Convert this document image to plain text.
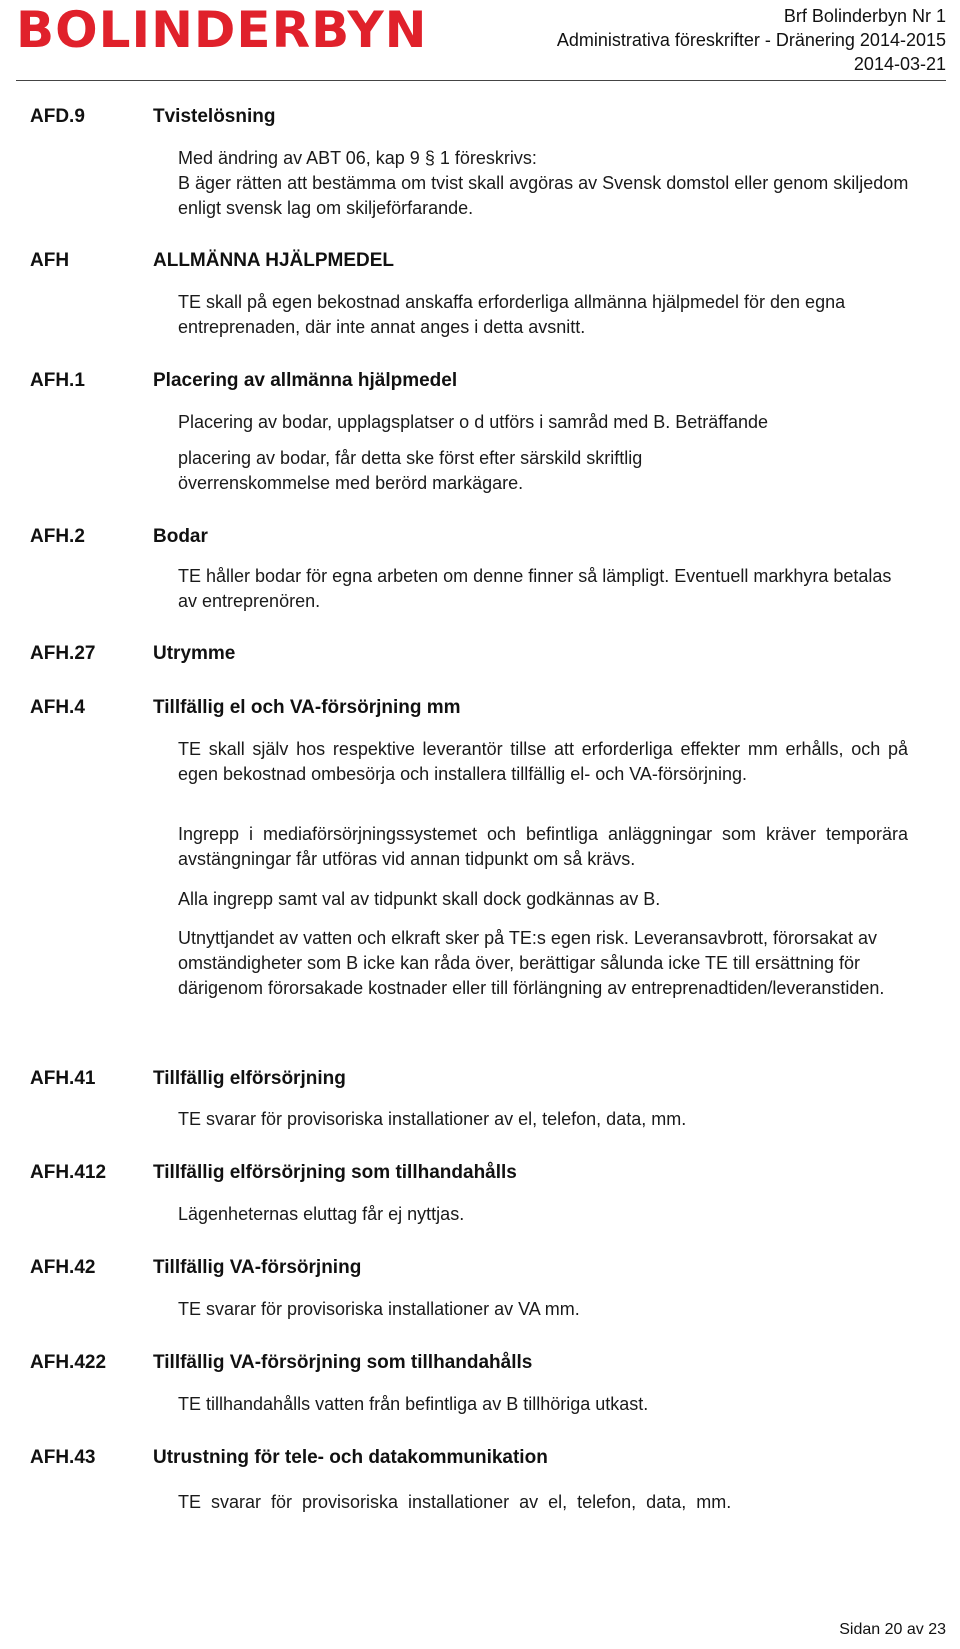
BOLINDERBYN	Brf Bolinderbyn Nr 1
Administrativa föreskrifter - Dränering 2014-2015
2014-03-21
AFD.9	Tvistelösning
Med ändring av ABT 06, kap 9 § 1 föreskrivs:
B äger rätten att bestämma om tvist skall avgöras av Svensk domstol eller genom skiljedom enligt svensk lag om skiljeförfarande.
AFH	ALLMÄNNA HJÄLPMEDEL
TE skall på egen bekostnad anskaffa erforderliga allmänna hjälpmedel för den egna entreprenaden, där inte annat anges i detta avsnitt.
AFH.1	Placering av allmänna hjälpmedel
Placering av bodar, upplagsplatser o d utförs i samråd med B. Beträffande
placering av bodar, får detta ske först efter särskild skriftlig överrenskommelse med berörd markägare.
AFH.2	Bodar
TE håller bodar för egna arbeten om denne finner så lämpligt. Eventuell markhyra betalas av entreprenören.
AFH.27	Utrymme
AFH.4	Tillfällig el och VA-försörjning mm
TE skall själv hos respektive leverantör tillse att erforderliga effekter mm erhålls, och på egen bekostnad ombesörja och installera tillfällig el- och VA-försörjning.
Ingrepp i mediaförsörjningssystemet och befintliga anläggningar som kräver temporära avstängningar får utföras vid annan tidpunkt om så krävs.
Alla ingrepp samt val av tidpunkt skall dock godkännas av B.
Utnyttjandet av vatten och elkraft sker på TE:s egen risk. Leveransavbrott, förorsakat av omständigheter som B icke kan råda över, berättigar sålunda icke TE till ersättning för därigenom förorsakade kostnader eller till förlängning av entreprenadtiden/leveranstiden.
AFH.41	Tillfällig elförsörjning
TE svarar för provisoriska installationer av el, telefon, data, mm.
AFH.412 Tillfällig elförsörjning som tillhandahålls
Lägenheternas eluttag får ej nyttjas.
AFH.42	Tillfällig VA-försörjning
TE svarar för provisoriska installationer av VA mm.
AFH.422 Tillfällig VA-försörjning som tillhandahålls
TE tillhandahålls vatten från befintliga av B tillhöriga utkast.
AFH.43	Utrustning för tele- och datakommunikation
TE svarar för provisoriska installationer av el, telefon, data, mm.
Sidan 20 av 23
